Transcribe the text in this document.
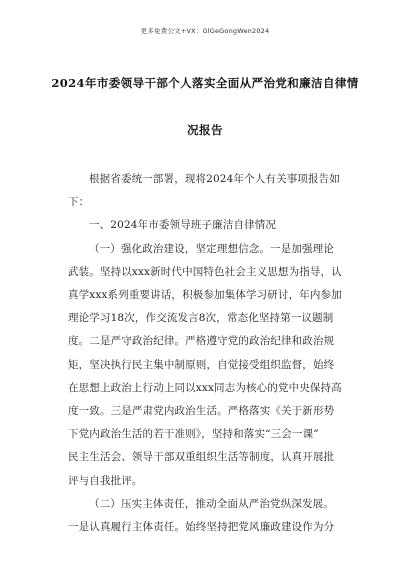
更多免费公文+VX：GlGeGongWen2024
2024年市委领导干部个人落实全面从严治党和廉洁自律情
况报告

根据省委统一部署，现将2024年个人有关事项报告如
下：

一、2024年市委领导班子廉洁自律情况

（一）强化政治建设，坚定理想信念。一是加强理论
武装。坚持以xxx新时代中国特色社会主义思想为指导，认
真学xxx系列重要讲话，积极参加集体学习研讨，年内参加
理论学习18次，作交流发言8次，常态化坚持第一议题制
度。二是严守政治纪律。严格遵守党的政治纪律和政治规
矩，坚决执行民主集中制原则，自觉接受组织监督，始终
在思想上政治上行动上同以xxx同志为核心的党中央保持高
度一致。三是严肃党内政治生活。严格落实《关于新形势
下党内政治生活的若干准则》，坚持和落实“三会一课”
民主生活会、领导干部双重组织生活等制度，认真开展批
评与自我批评。

（二）压实主体责任，推动全面从严治党纵深发展。
一是认真履行主体责任。始终坚持把党风廉政建设作为分
